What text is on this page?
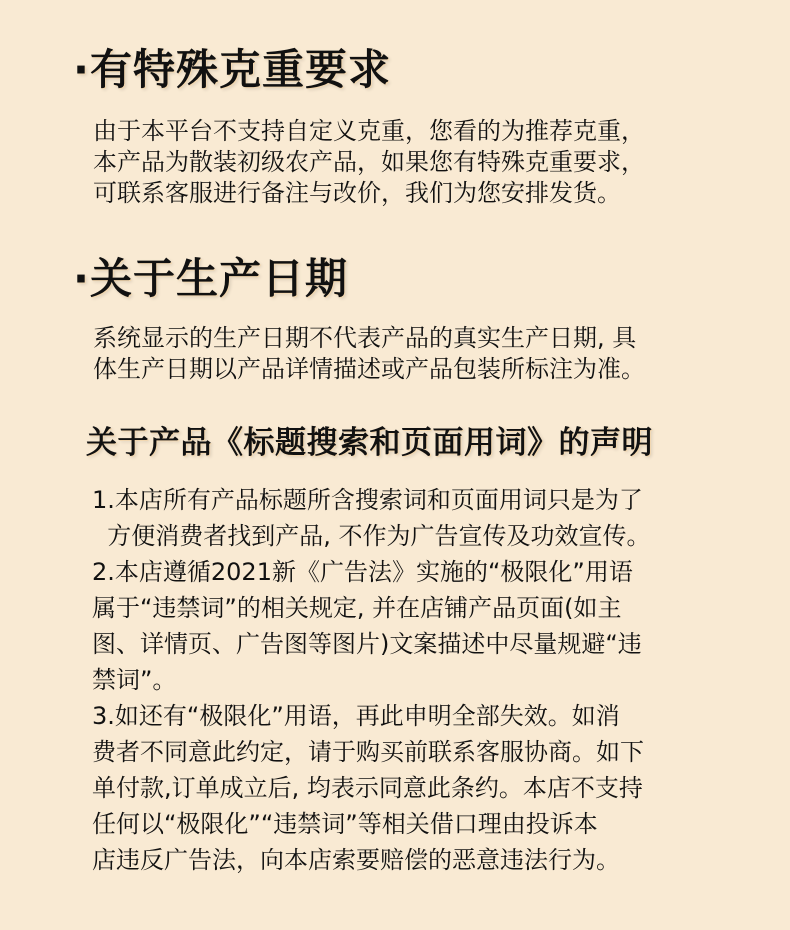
·有特殊克重要求
由于本平台不支持自定义克重，您看的为推荐克重，
本产品为散装初级农产品，如果您有特殊克重要求，
可联系客服进行备注与改价，我们为您安排发货。
·关于生产日期
系统显示的生产日期不代表产品的真实生产日期, 具
体生产日期以产品详情描述或产品包装所标注为准。
关于产品《标题搜索和页面用词》的声明
1.本店所有产品标题所含搜索词和页面用词只是为了
方便消费者找到产品, 不作为广告宣传及功效宣传。
2.本店遵循2021新《广告法》实施的“极限化”用语
属于“违禁词”的相关规定, 并在店铺产品页面(如主
图、详情页、广告图等图片)文案描述中尽量规避“违
禁词”。
3.如还有“极限化”用语，再此申明全部失效。如消
费者不同意此约定，请于购买前联系客服协商。如下
单付款,订单成立后, 均表示同意此条约。本店不支持
任何以“极限化”“违禁词”等相关借口理由投诉本
店违反广告法，向本店索要赔偿的恶意违法行为。
